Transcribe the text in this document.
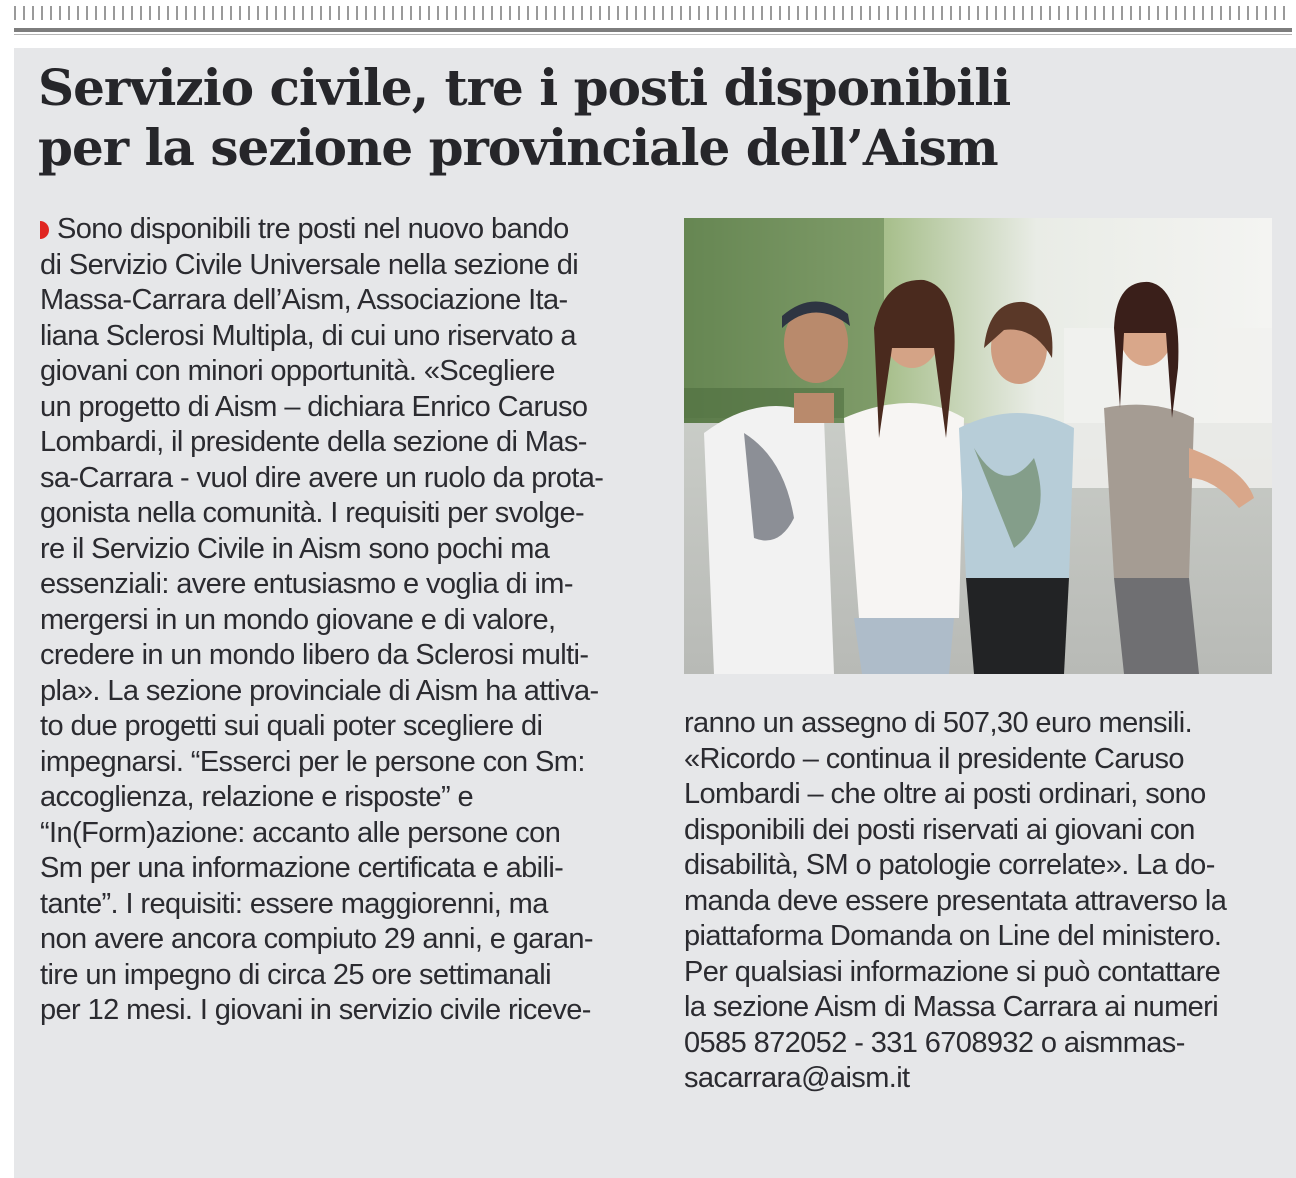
Servizio civile, tre i posti disponibili
per la sezione provinciale dell’Aism
Sono disponibili tre posti nel nuovo bando
di Servizio Civile Universale nella sezione di
Massa-Carrara dell’Aism, Associazione Ita-
liana Sclerosi Multipla, di cui uno riservato a
giovani con minori opportunità. «Scegliere
un progetto di Aism – dichiara Enrico Caruso
Lombardi, il presidente della sezione di Mas-
sa-Carrara - vuol dire avere un ruolo da prota-
gonista nella comunità. I requisiti per svolge-
re il Servizio Civile in Aism sono pochi ma
essenziali: avere entusiasmo e voglia di im-
mergersi in un mondo giovane e di valore,
credere in un mondo libero da Sclerosi multi-
pla». La sezione provinciale di Aism ha attiva-
to due progetti sui quali poter scegliere di
impegnarsi. “Esserci per le persone con Sm:
accoglienza, relazione e risposte” e
“In(Form)azione: accanto alle persone con
Sm per una informazione certificata e abili-
tante”. I requisiti: essere maggiorenni, ma
non avere ancora compiuto 29 anni, e garan-
tire un impegno di circa 25 ore settimanali
per 12 mesi. I giovani in servizio civile riceve-
ranno un assegno di 507,30 euro mensili.
«Ricordo – continua il presidente Caruso
Lombardi – che oltre ai posti ordinari, sono
disponibili dei posti riservati ai giovani con
disabilità, SM o patologie correlate». La do-
manda deve essere presentata attraverso la
piattaforma Domanda on Line del ministero.
Per qualsiasi informazione si può contattare
la sezione Aism di Massa Carrara ai numeri
0585 872052 - 331 6708932 o aismmas-
sacarrara@aism.it
